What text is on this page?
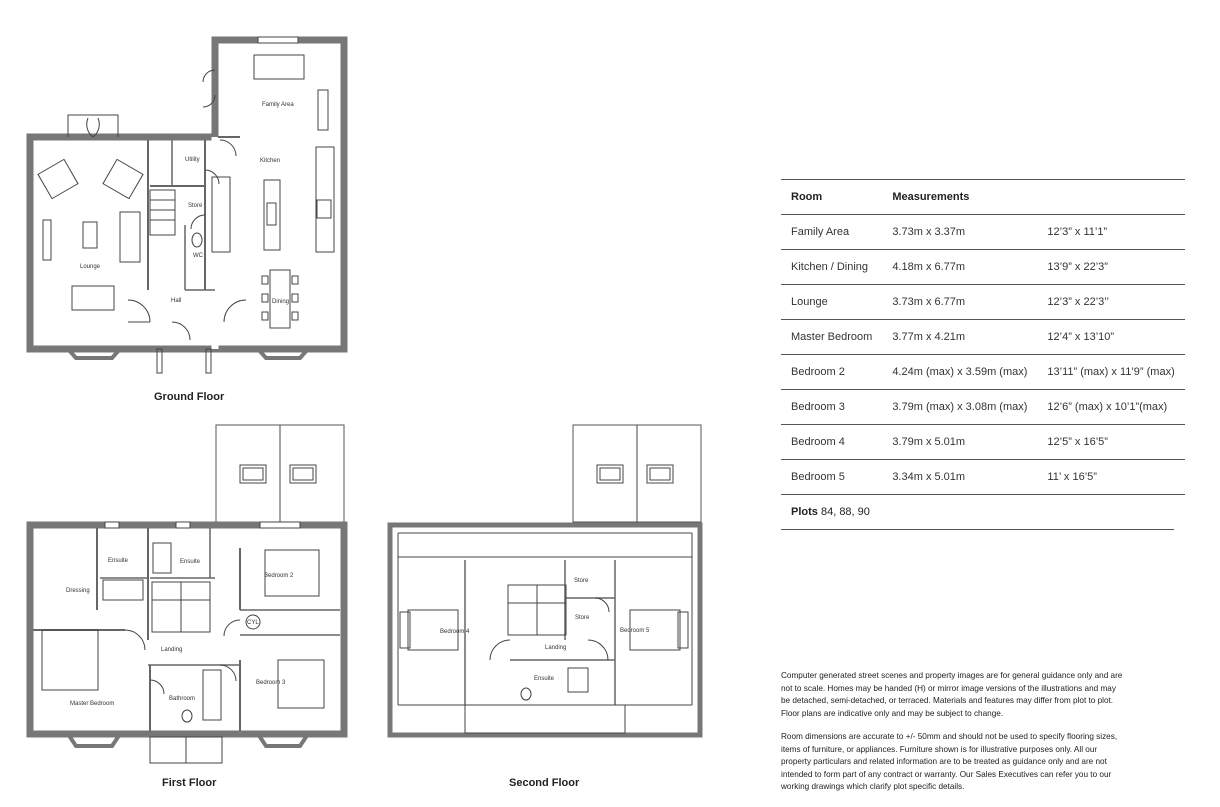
Family Area
Kitchen
Utility
Store
Lounge
WC
Hall	Dining
Ensuite	Ensuite
Dressing
Bedroom 2
CYL
Landing
Bedroom 3
Master Bedroom
Bathroom
Store
Store
Bedroom 4	Bedroom 5
Landing
Ensuite
Ground Floor
First Floor	Second Floor
Room	Measurements	
Family Area	3.73m x 3.37m	12’3” x 11’1”
Kitchen / Dining	4.18m x 6.77m	13’9” x 22’3”
Lounge	3.73m x 6.77m	12’3” x 22’3’’
Master Bedroom	3.77m x 4.21m	12’4” x 13’10”
Bedroom 2	4.24m (max) x 3.59m (max)	13’11” (max) x 11’9” (max)
Bedroom 3	3.79m (max) x 3.08m (max)	12’6” (max) x 10’1”(max)
Bedroom 4	3.79m x 5.01m	12’5” x 16’5”
Bedroom 5	3.34m x 5.01m	11’ x 16’5”
Plots 84, 88, 90

Computer generated street scenes and property images are for general guidance only and are not to scale. Homes may be handed (H) or mirror image versions of the illustrations and may be detached, semi-detached, or terraced. Materials and features may differ from plot to plot. Floor plans are indicative only and may be subject to change.

Room dimensions are accurate to +/- 50mm and should not be used to specify flooring sizes, items of furniture, or appliances. Furniture shown is for illustrative purposes only. All our property particulars and related information are to be treated as guidance only and are not intended to form part of any contract or warranty. Our Sales Executives can refer you to our working drawings which clarify plot specific details.
